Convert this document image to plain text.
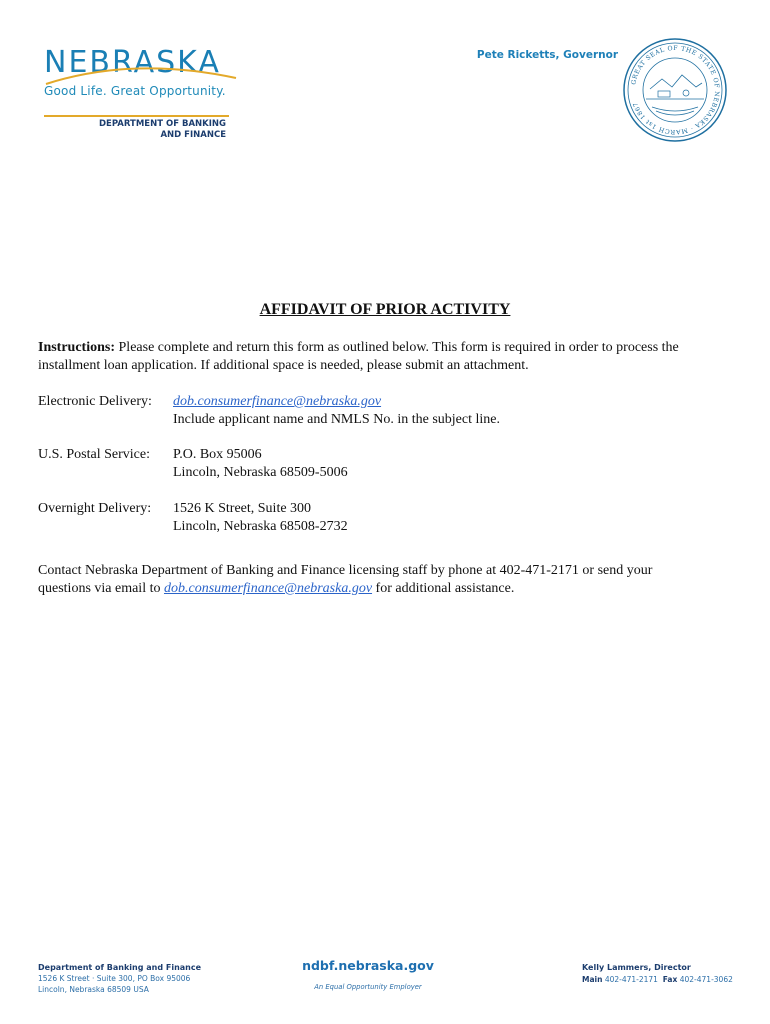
NEBRASKA
Good Life. Great Opportunity.
DEPARTMENT OF BANKING
AND FINANCE
Pete Ricketts, Governor
GREAT SEAL OF THE STATE OF NEBRASKA · MARCH 1st 1867
AFFIDAVIT OF PRIOR ACTIVITY
Instructions: Please complete and return this form as outlined below. This form is required in order to process the
installment loan application. If additional space is needed, please submit an attachment.
Electronic Delivery: dob.consumerfinance@nebraska.gov
Include applicant name and NMLS No. in the subject line.
U.S. Postal Service: P.O. Box 95006
Lincoln, Nebraska 68509-5006
Overnight Delivery: 1526 K Street, Suite 300
Lincoln, Nebraska 68508-2732
Contact Nebraska Department of Banking and Finance licensing staff by phone at 402-471-2171 or send your
questions via email to dob.consumerfinance@nebraska.gov for additional assistance.
Department of Banking and Finance
1526 K Street · Suite 300, PO Box 95006
Lincoln, Nebraska 68509 USA
ndbf.nebraska.gov
An Equal Opportunity Employer
Kelly Lammers, Director
Main 402-471-2171 Fax 402-471-3062
